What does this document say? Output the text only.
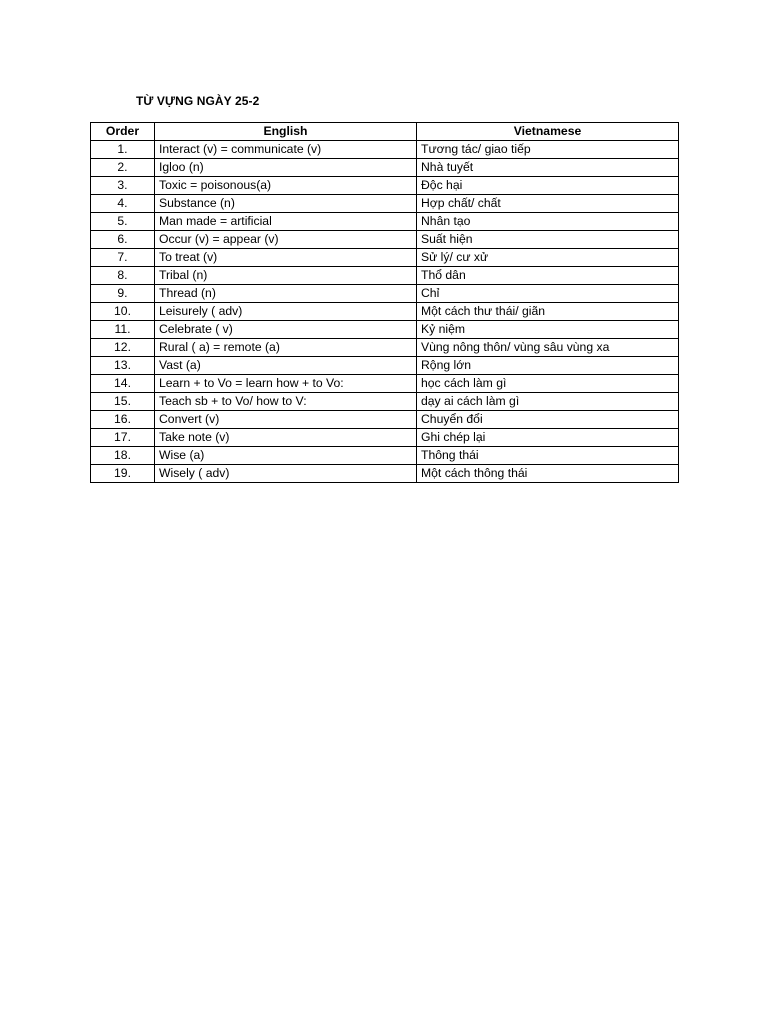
TỪ VỰNG NGÀY 25-2
Order	English	Vietnamese
1.	Interact (v) = communicate (v)	Tương tác/ giao tiếp
2.	Igloo (n)	Nhà tuyết
3.	Toxic = poisonous(a)	Độc hại
4.	Substance (n)	Hợp chất/ chất
5.	Man made = artificial	Nhân tạo
6.	Occur (v) = appear (v)	Suất hiện
7.	To treat (v)	Sử lý/ cư xử
8.	Tribal (n)	Thổ dân
9.	Thread (n)	Chỉ
10.	Leisurely ( adv)	Một cách thư thái/ giãn
11.	Celebrate ( v)	Kỷ niệm
12.	Rural ( a) = remote (a)	Vùng nông thôn/ vùng sâu vùng xa
13.	Vast (a)	Rộng lớn
14.	Learn + to Vo = learn how + to Vo:	học cách làm gì
15.	Teach sb + to Vo/ how to V:	dạy ai cách làm gì
16.	Convert (v)	Chuyển đổi
17.	Take note (v)	Ghi chép lại
18.	Wise (a)	Thông thái
19.	Wisely ( adv)	Một cách thông thái
